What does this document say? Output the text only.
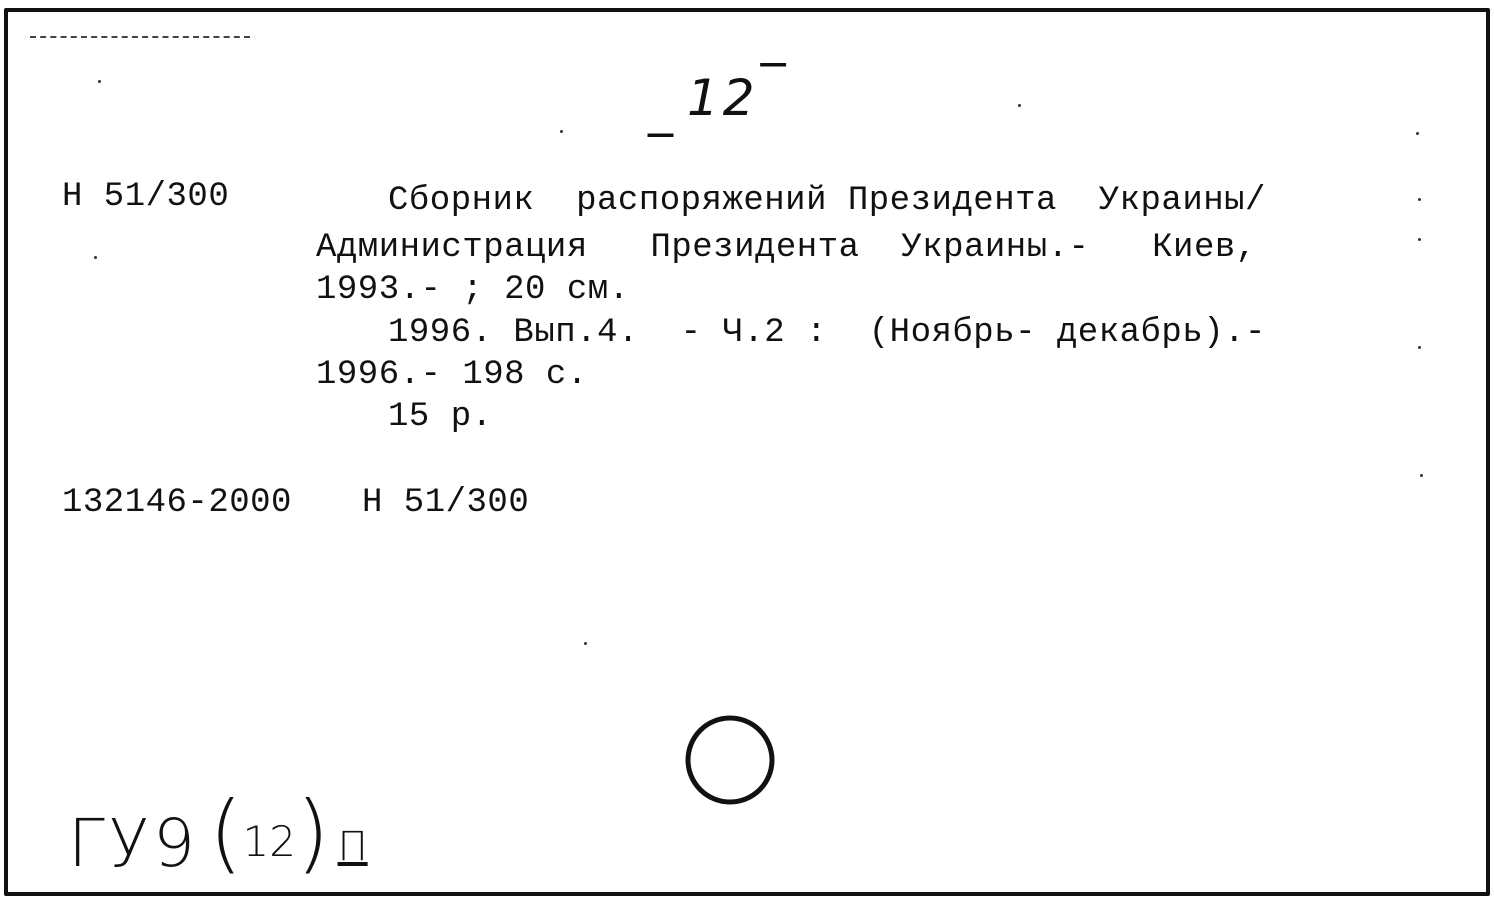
_ 12‾
Н 51/300	Сборник  распоряжений Президента  Украины/
Администрация   Президента  Украины.-   Киев,
1993.- ; 20 см.
1996. Вып.4.  - Ч.2 :  (Ноябрь- декабрь).-
1996.- 198 с.
15 р.
132146-2000 Н 51/300
ГУ9 (12) П
